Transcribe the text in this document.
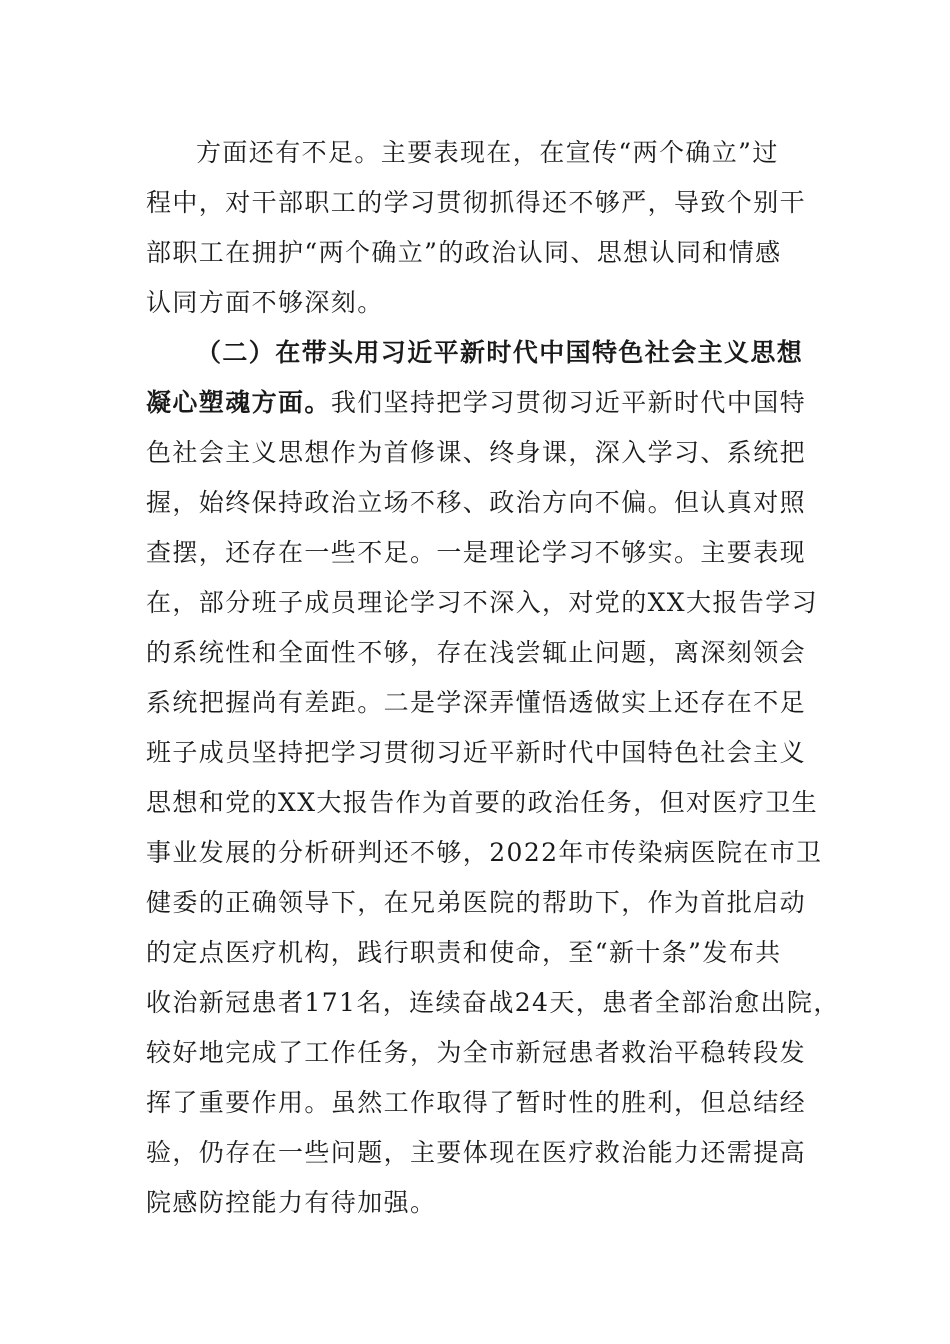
方面还有不足。主要表现在，在宣传“两个确立”过
程中，对干部职工的学习贯彻抓得还不够严，导致个别干
部职工在拥护“两个确立”的政治认同、思想认同和情感
认同方面不够深刻。
（二）在带头用习近平新时代中国特色社会主义思想
凝心塑魂方面。我们坚持把学习贯彻习近平新时代中国特
色社会主义思想作为首修课、终身课，深入学习、系统把
握，始终保持政治立场不移、政治方向不偏。但认真对照
查摆，还存在一些不足。一是理论学习不够实。主要表现
在，部分班子成员理论学习不深入，对党的XX大报告学习
的系统性和全面性不够，存在浅尝辄止问题，离深刻领会
系统把握尚有差距。二是学深弄懂悟透做实上还存在不足
班子成员坚持把学习贯彻习近平新时代中国特色社会主义
思想和党的XX大报告作为首要的政治任务，但对医疗卫生
事业发展的分析研判还不够，2022年市传染病医院在市卫
健委的正确领导下，在兄弟医院的帮助下，作为首批启动
的定点医疗机构，践行职责和使命，至“新十条”发布共
收治新冠患者171名，连续奋战24天，患者全部治愈出院，
较好地完成了工作任务，为全市新冠患者救治平稳转段发
挥了重要作用。虽然工作取得了暂时性的胜利，但总结经
验，仍存在一些问题，主要体现在医疗救治能力还需提高
院感防控能力有待加强。
